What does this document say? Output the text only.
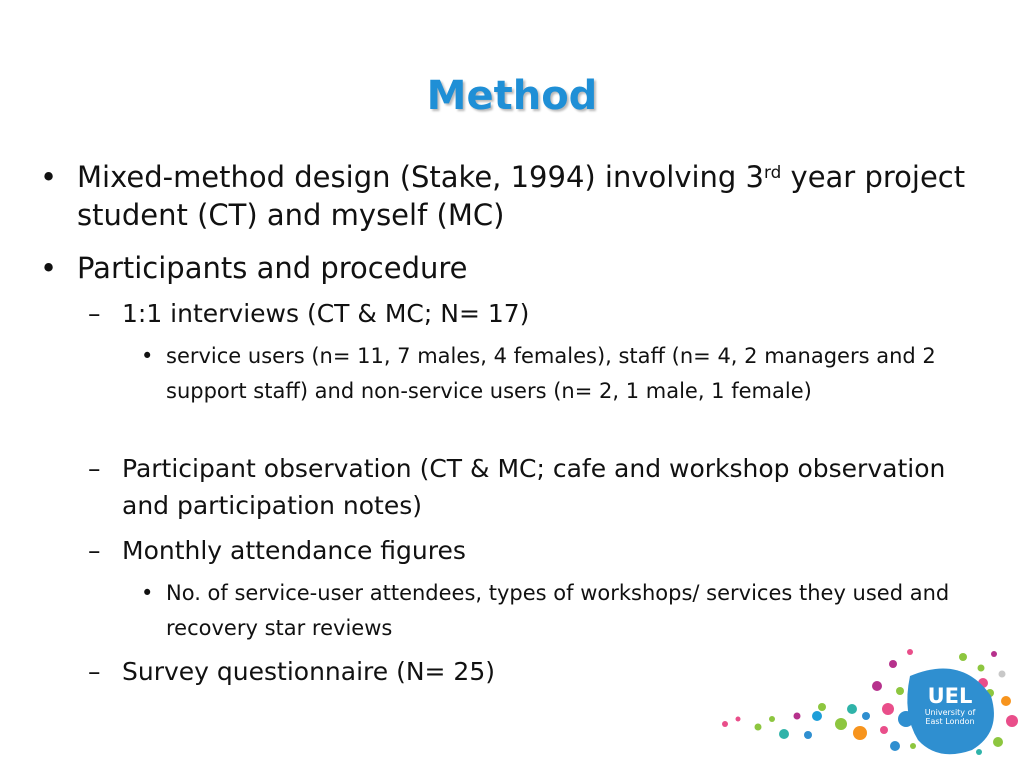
Method
• Mixed-method design (Stake, 1994) involving 3rd year project student (CT) and myself (MC)
• Participants and procedure
– 1:1 interviews (CT & MC; N= 17)
• service users (n= 11, 7 males, 4 females), staff (n= 4, 2 managers and 2 support staff) and non-service users (n= 2, 1 male, 1 female)
– Participant observation (CT & MC; cafe and workshop observation and participation notes)
– Monthly attendance figures
• No. of service-user attendees, types of workshops/ services they used and recovery star reviews
– Survey questionnaire (N= 25)
UEL
University of
East London
